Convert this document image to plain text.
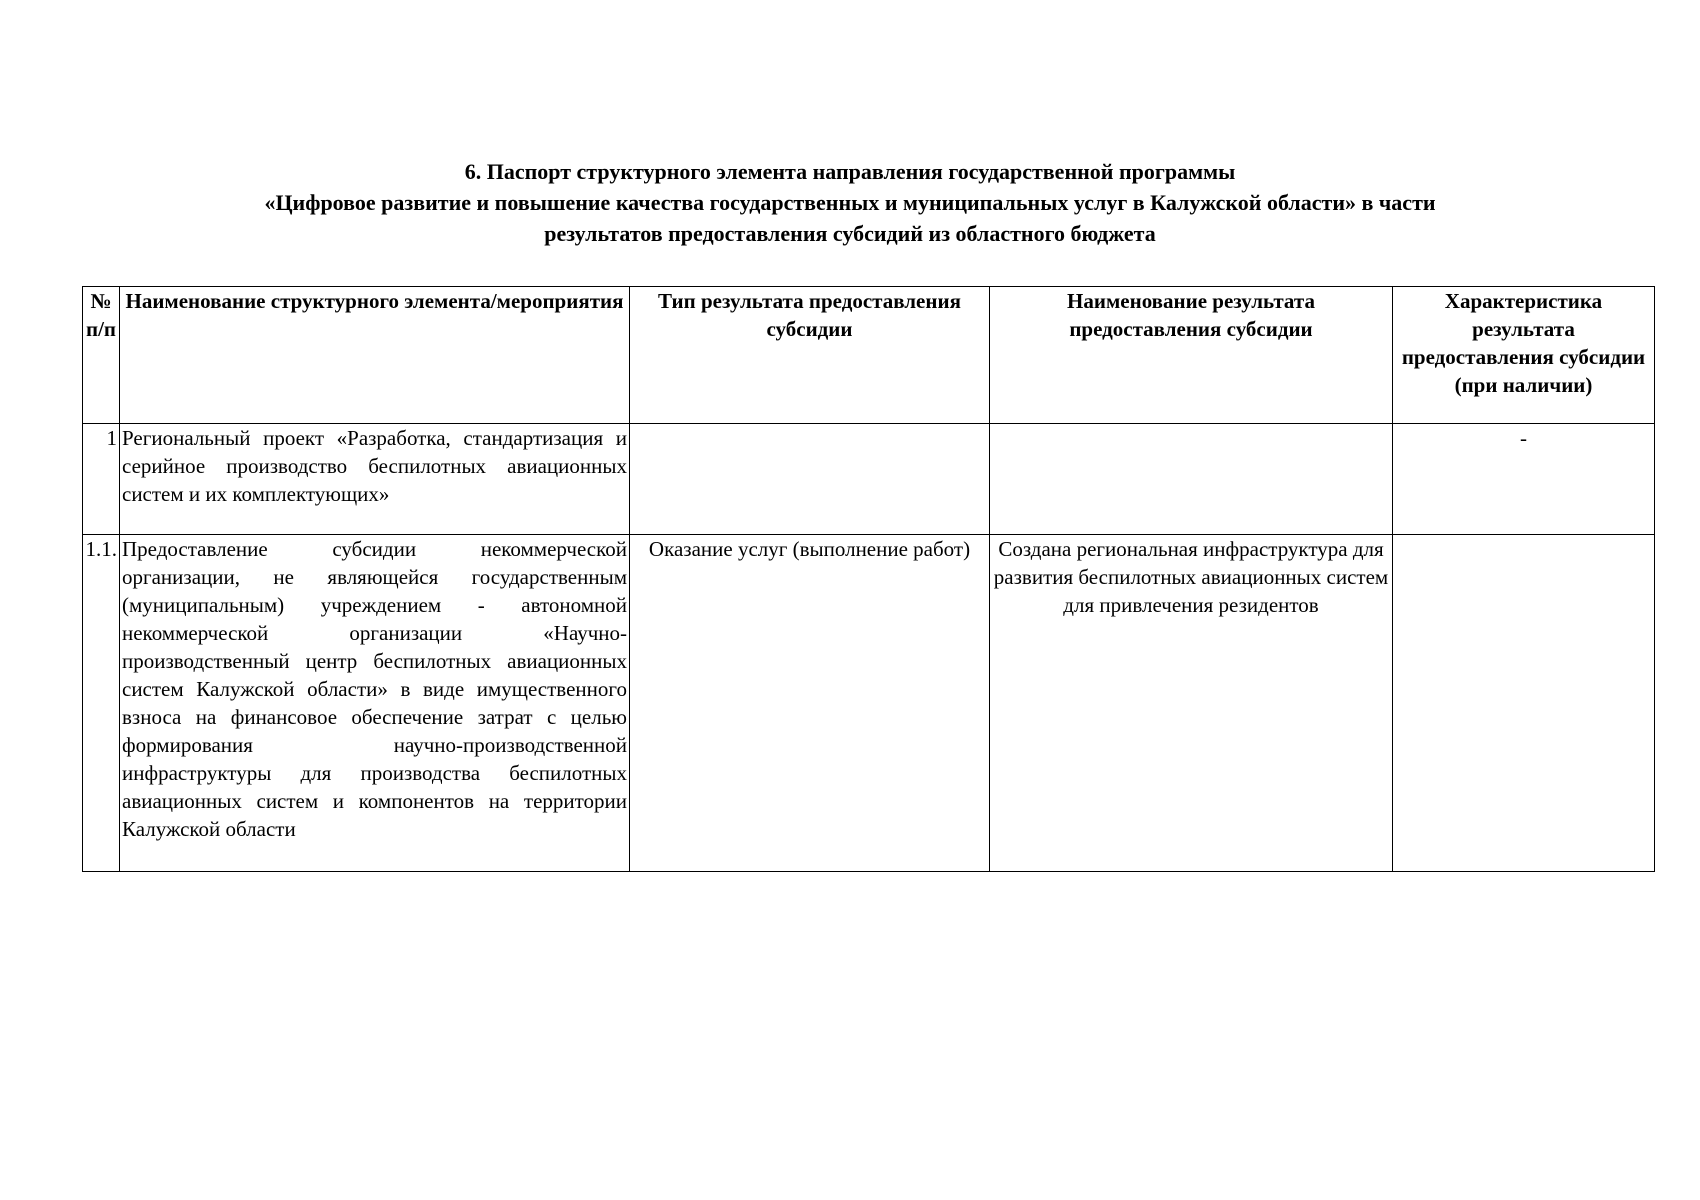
6. Паспорт структурного элемента направления государственной программы
«Цифровое развитие и повышение качества государственных и муниципальных услуг в Калужской области» в части
результатов предоставления субсидий из областного бюджета
№ п/п	Наименование структурного элемента/мероприятия	Тип результата предоставления субсидии	Наименование результата предоставления субсидии	Характеристика результата предоставления субсидии (при наличии)
1	Региональный проект «Разработка, стандартизация и серийное производство беспилотных авиационных систем и их комплектующих»			-
1.1.	Предоставление субсидии некоммерческой организации, не являющейся государственным (муниципальным) учреждением - автономной некоммерческой организации «Научно-производственный центр беспилотных авиационных систем Калужской области» в виде имущественного взноса на финансовое обеспечение затрат с целью формирования научно-производственной инфраструктуры для производства беспилотных авиационных систем и компонентов на территории Калужской области	Оказание услуг (выполнение работ)	Создана региональная инфраструктура для развития беспилотных авиационных систем для привлечения резидентов	
